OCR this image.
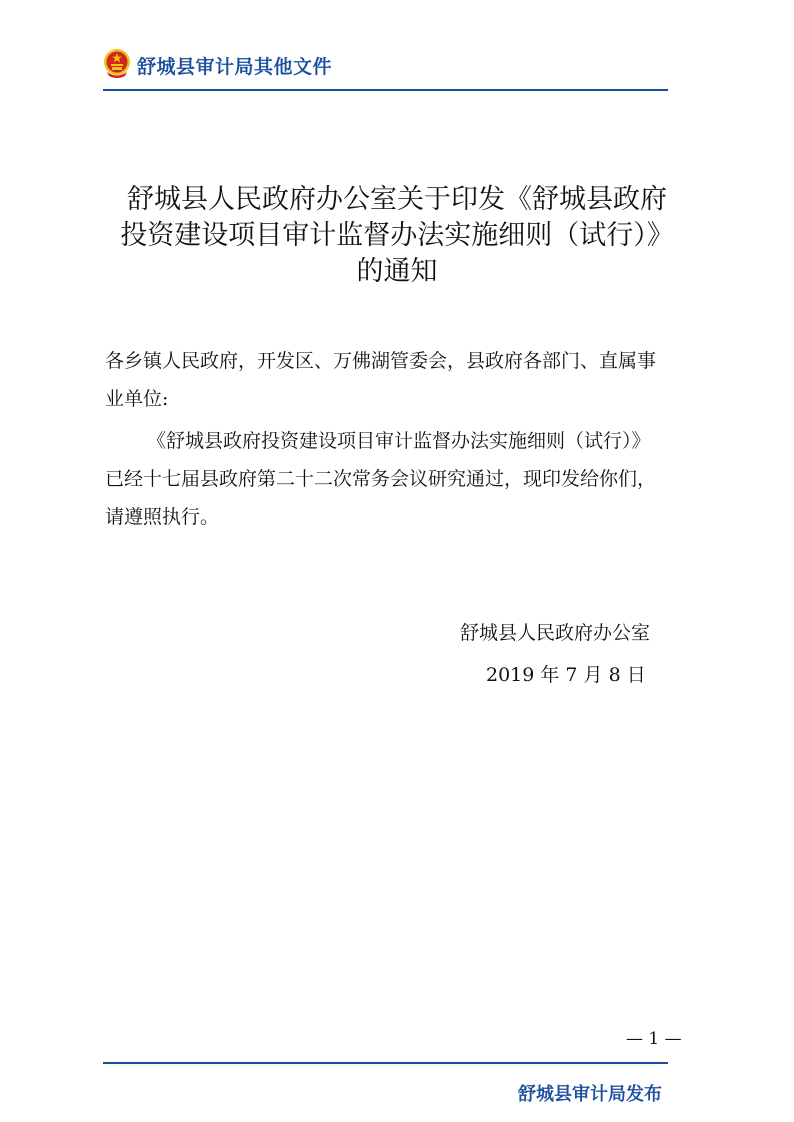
舒城县审计局其他文件
舒城县人民政府办公室关于印发《舒城县政府
投资建设项目审计监督办法实施细则（试行）》
的通知
各乡镇人民政府，开发区、万佛湖管委会，县政府各部门、直属事
业单位:
《舒城县政府投资建设项目审计监督办法实施细则（试行）》
已经十七届县政府第二十二次常务会议研究通过，现印发给你们，
请遵照执行。
舒城县人民政府办公室
2019 年 7 月 8 日
— 1 —
舒城县审计局发布
